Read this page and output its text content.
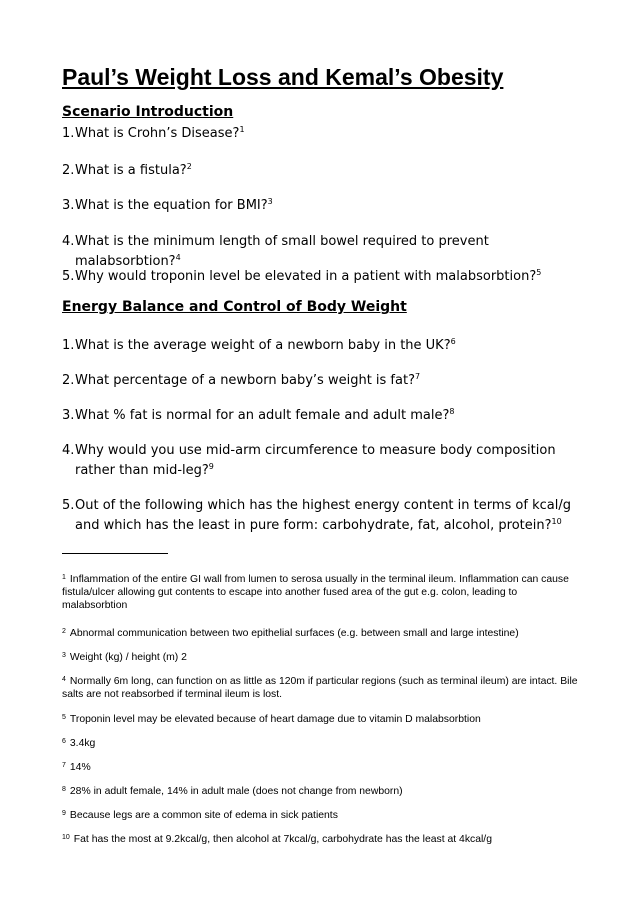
Paul’s Weight Loss and Kemal’s Obesity
Scenario Introduction
1. What is Crohn’s Disease?$^1$
2. What is a fistula?$^2$
3. What is the equation for BMI?$^3$
4. What is the minimum length of small bowel required to prevent malabsorbtion?$^4$
5. Why would troponin level be elevated in a patient with malabsorbtion?$^5$
Energy Balance and Control of Body Weight
1. What is the average weight of a newborn baby in the UK?$^6$
2. What percentage of a newborn baby’s weight is fat?$^7$
3. What % fat is normal for an adult female and adult male?$^8$
4. Why would you use mid-arm circumference to measure body composition rather than mid-leg?$^9$
5. Out of the following which has the highest energy content in terms of kcal/g and which has the least in pure form: carbohydrate, fat, alcohol, protein?$^{10}$
$^1$ Inflammation of the entire GI wall from lumen to serosa usually in the terminal ileum. Inflammation can cause fistula/ulcer allowing gut contents to escape into another fused area of the gut e.g. colon, leading to malabsorbtion
$^2$ Abnormal communication between two epithelial surfaces (e.g. between small and large intestine)
$^3$ Weight (kg) / height (m) 2
$^4$ Normally 6m long, can function on as little as 120m if particular regions (such as terminal ileum) are intact. Bile salts are not reabsorbed if terminal ileum is lost.
$^5$ Troponin level may be elevated because of heart damage due to vitamin D malabsorbtion
$^6$ 3.4kg
$^7$ 14%
$^8$ 28% in adult female, 14% in adult male (does not change from newborn)
$^9$ Because legs are a common site of edema in sick patients
$^{10}$ Fat has the most at 9.2kcal/g, then alcohol at 7kcal/g, carbohydrate has the least at 4kcal/g
